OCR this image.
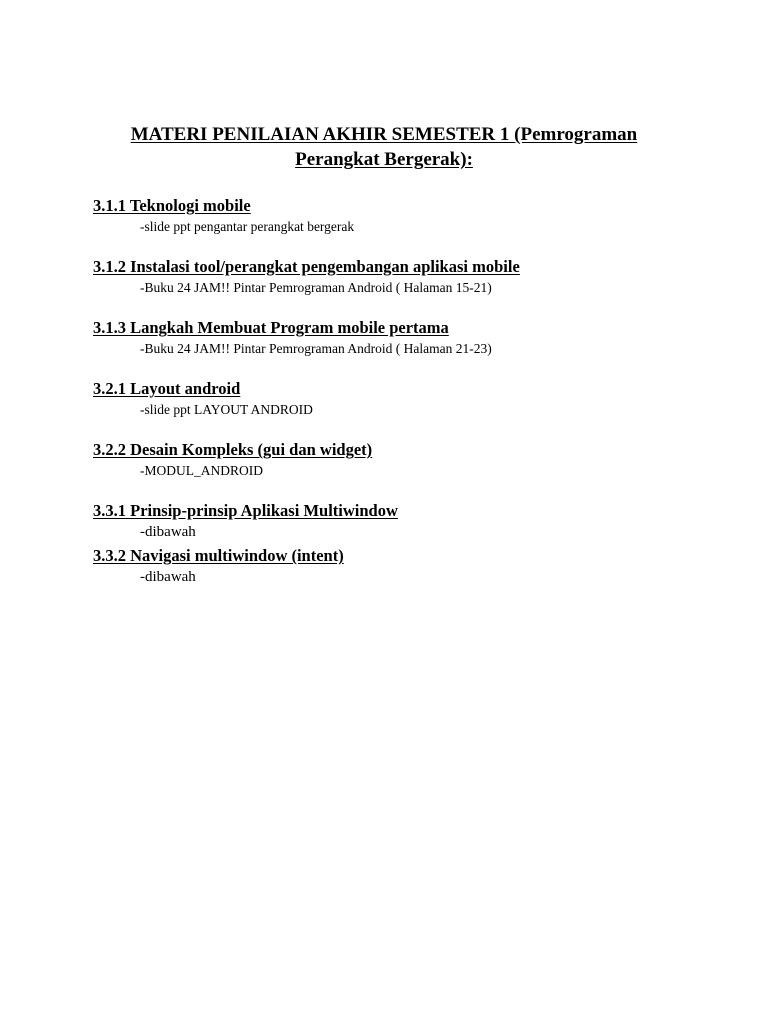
MATERI PENILAIAN AKHIR SEMESTER 1 (Pemrograman
Perangkat Bergerak):

3.1.1 Teknologi mobile

-slide ppt pengantar perangkat bergerak

3.1.2 Instalasi tool/perangkat pengembangan aplikasi mobile

-Buku 24 JAM!! Pintar Pemrograman Android ( Halaman 15-21)

3.1.3 Langkah Membuat Program mobile pertama

-Buku 24 JAM!! Pintar Pemrograman Android ( Halaman 21-23)

3.2.1 Layout android

-slide ppt LAYOUT ANDROID

3.2.2 Desain Kompleks (gui dan widget)

-MODUL_ANDROID

3.3.1 Prinsip-prinsip Aplikasi Multiwindow

-dibawah

3.3.2 Navigasi multiwindow (intent)

-dibawah
